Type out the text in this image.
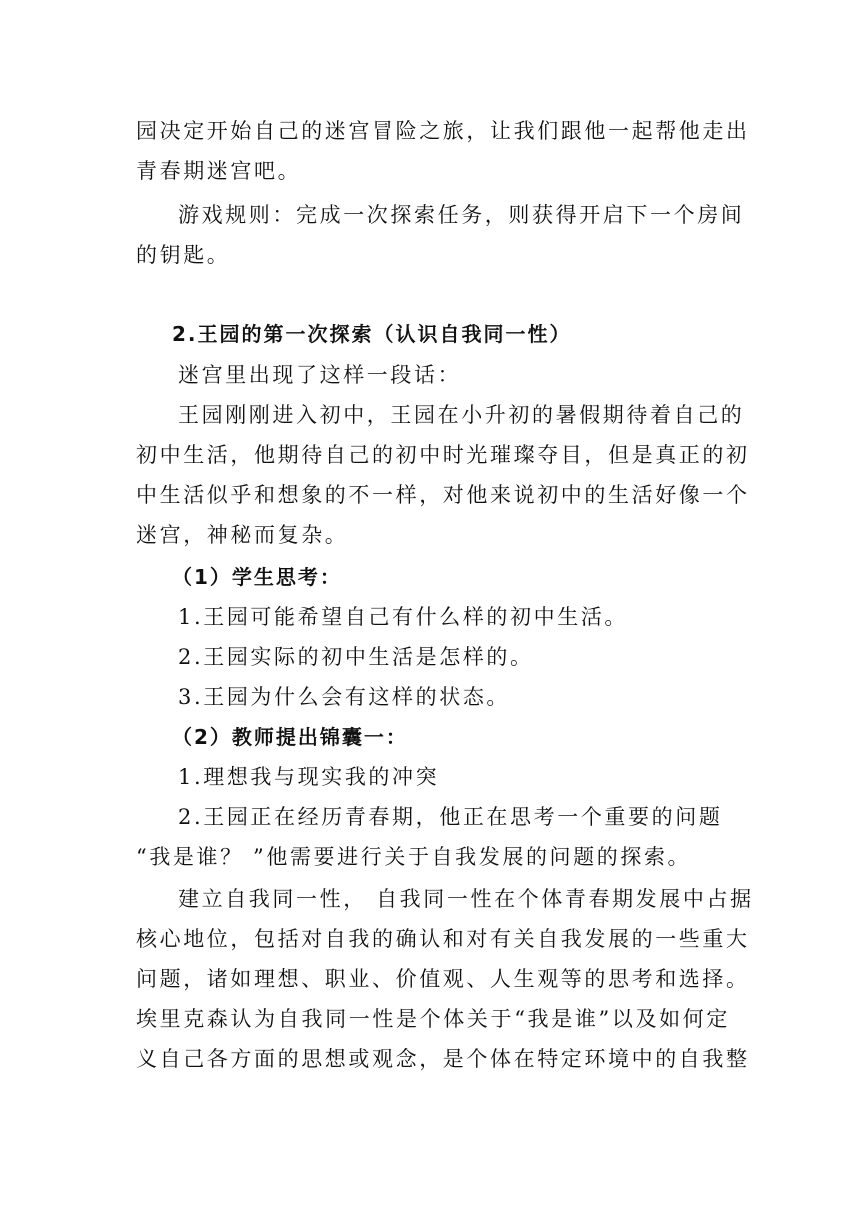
园决定开始自己的迷宫冒险之旅，让我们跟他一起帮他走出
青春期迷宫吧。
游戏规则：完成一次探索任务，则获得开启下一个房间
的钥匙。
2.王园的第一次探索（认识自我同一性）
迷宫里出现了这样一段话：
王园刚刚进入初中，王园在小升初的暑假期待着自己的
初中生活，他期待自己的初中时光璀璨夺目，但是真正的初
中生活似乎和想象的不一样，对他来说初中的生活好像一个
迷宫，神秘而复杂。
（1）学生思考：
1.王园可能希望自己有什么样的初中生活。
2.王园实际的初中生活是怎样的。
3.王园为什么会有这样的状态。
（2）教师提出锦囊一：
1.理想我与现实我的冲突
2.王园正在经历青春期，他正在思考一个重要的问题
“我是谁？ ”他需要进行关于自我发展的问题的探索。
建立自我同一性， 自我同一性在个体青春期发展中占据
核心地位，包括对自我的确认和对有关自我发展的一些重大
问题，诸如理想、职业、价值观、人生观等的思考和选择。
埃里克森认为自我同一性是个体关于“我是谁”以及如何定
义自己各方面的思想或观念，是个体在特定环境中的自我整
